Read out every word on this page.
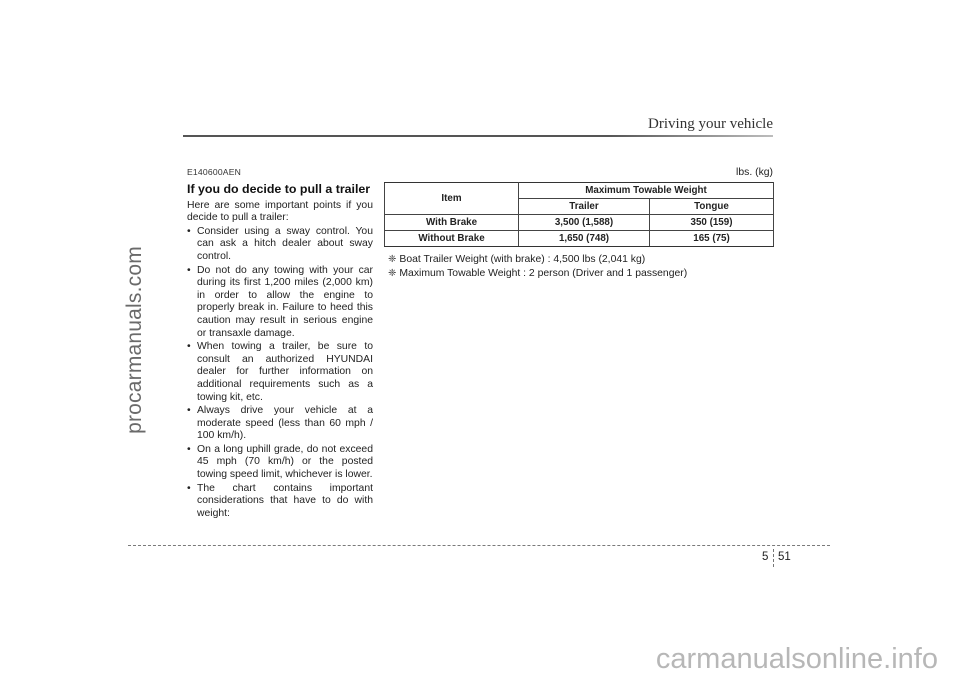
procarmanuals.com
Driving your vehicle
E140600AEN
If you do decide to pull a trailer

Here are some important points if you decide to pull a trailer:

• Consider using a sway control. You can ask a hitch dealer about sway control.
• Do not do any towing with your car during its first 1,200 miles (2,000 km) in order to allow the engine to properly break in. Failure to heed this caution may result in serious engine or transaxle damage.
• When towing a trailer, be sure to consult an authorized HYUNDAI dealer for further information on additional requirements such as a towing kit, etc.
• Always drive your vehicle at a moderate speed (less than 60 mph / 100 km/h).
• On a long uphill grade, do not exceed 45 mph (70 km/h) or the posted towing speed limit, whichever is lower.
• The chart contains important considerations that have to do with weight:
lbs. (kg)
Item	Maximum Towable Weight	
	Trailer	Tongue
With Brake	3,500 (1,588)	350 (159)
Without Brake	1,650 (748)	165 (75)
❈ Boat Trailer Weight (with brake) : 4,500 lbs (2,041 kg)
❈ Maximum Towable Weight : 2 person (Driver and 1 passenger)
5 51
carmanualsonline.info
